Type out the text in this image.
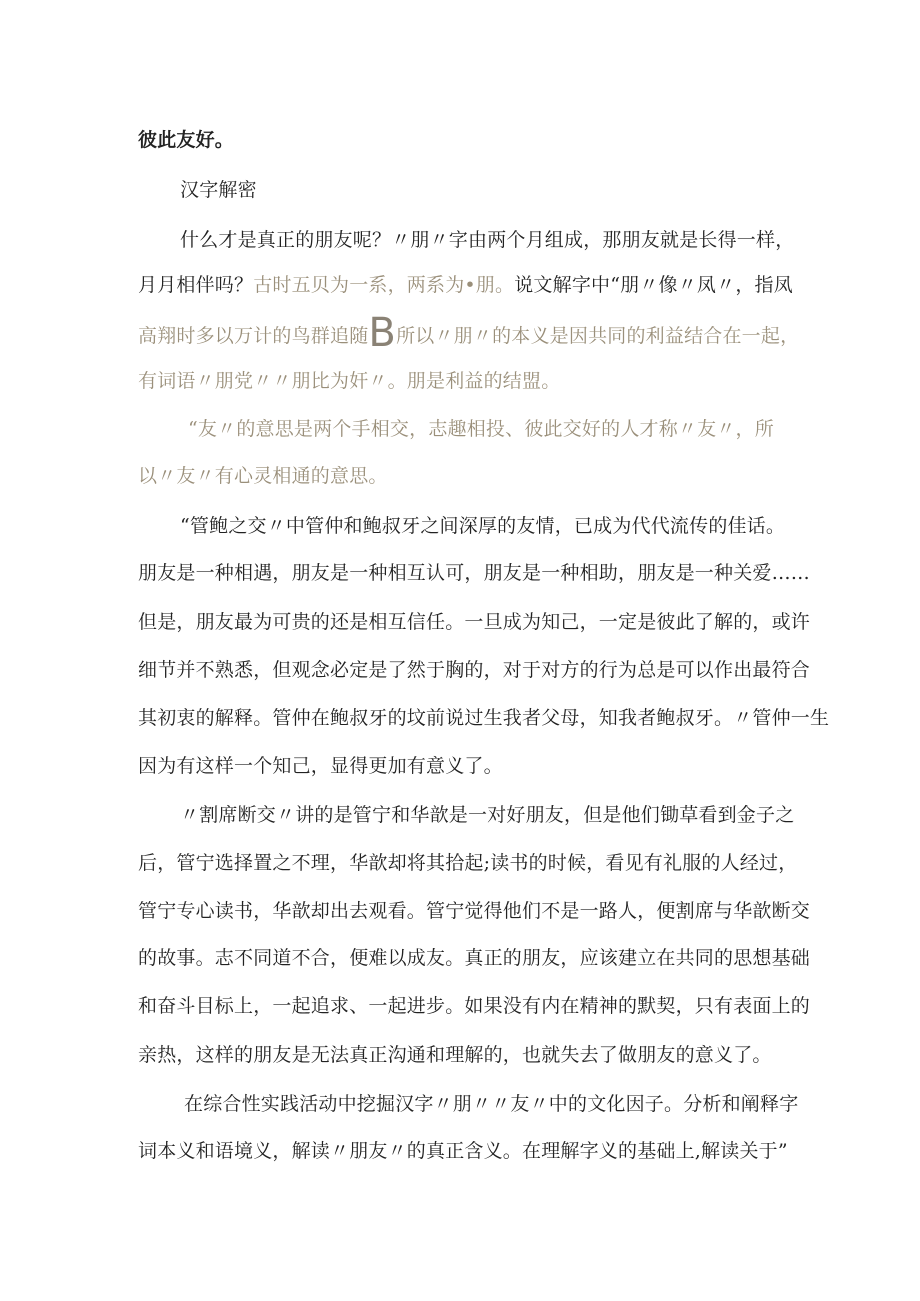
彼此友好。
汉字解密
什么才是真正的朋友呢？〃朋〃字由两个月组成，那朋友就是长得一样，
月月相伴吗？古时五贝为一系，两系为•朋。说文解字中“朋〃像〃凤〃，指凤
高翔时多以万计的鸟群追随B所以〃朋〃的本义是因共同的利益结合在一起，
有词语〃朋党〃〃朋比为奸〃。朋是利益的结盟。
“友〃的意思是两个手相交，志趣相投、彼此交好的人才称〃友〃，所
以〃友〃有心灵相通的意思。
“管鲍之交〃中管仲和鲍叔牙之间深厚的友情，已成为代代流传的佳话。
朋友是一种相遇，朋友是一种相互认可，朋友是一种相助，朋友是一种关爱……
但是，朋友最为可贵的还是相互信任。一旦成为知己，一定是彼此了解的，或许
细节并不熟悉，但观念必定是了然于胸的，对于对方的行为总是可以作出最符合
其初衷的解释。管仲在鲍叔牙的坟前说过生我者父母，知我者鲍叔牙。〃管仲一生
因为有这样一个知己，显得更加有意义了。
〃割席断交〃讲的是管宁和华歆是一对好朋友，但是他们锄草看到金子之
后，管宁选择置之不理，华歆却将其拾起;读书的时候，看见有礼服的人经过，
管宁专心读书，华歆却出去观看。管宁觉得他们不是一路人，便割席与华歆断交
的故事。志不同道不合，便难以成友。真正的朋友，应该建立在共同的思想基础
和奋斗目标上，一起追求、一起进步。如果没有内在精神的默契，只有表面上的
亲热，这样的朋友是无法真正沟通和理解的，也就失去了做朋友的意义了。
在综合性实践活动中挖掘汉字〃朋〃〃友〃中的文化因子。分析和阐释字
词本义和语境义，解读〃朋友〃的真正含义。在理解字义的基础上,解读关于”
